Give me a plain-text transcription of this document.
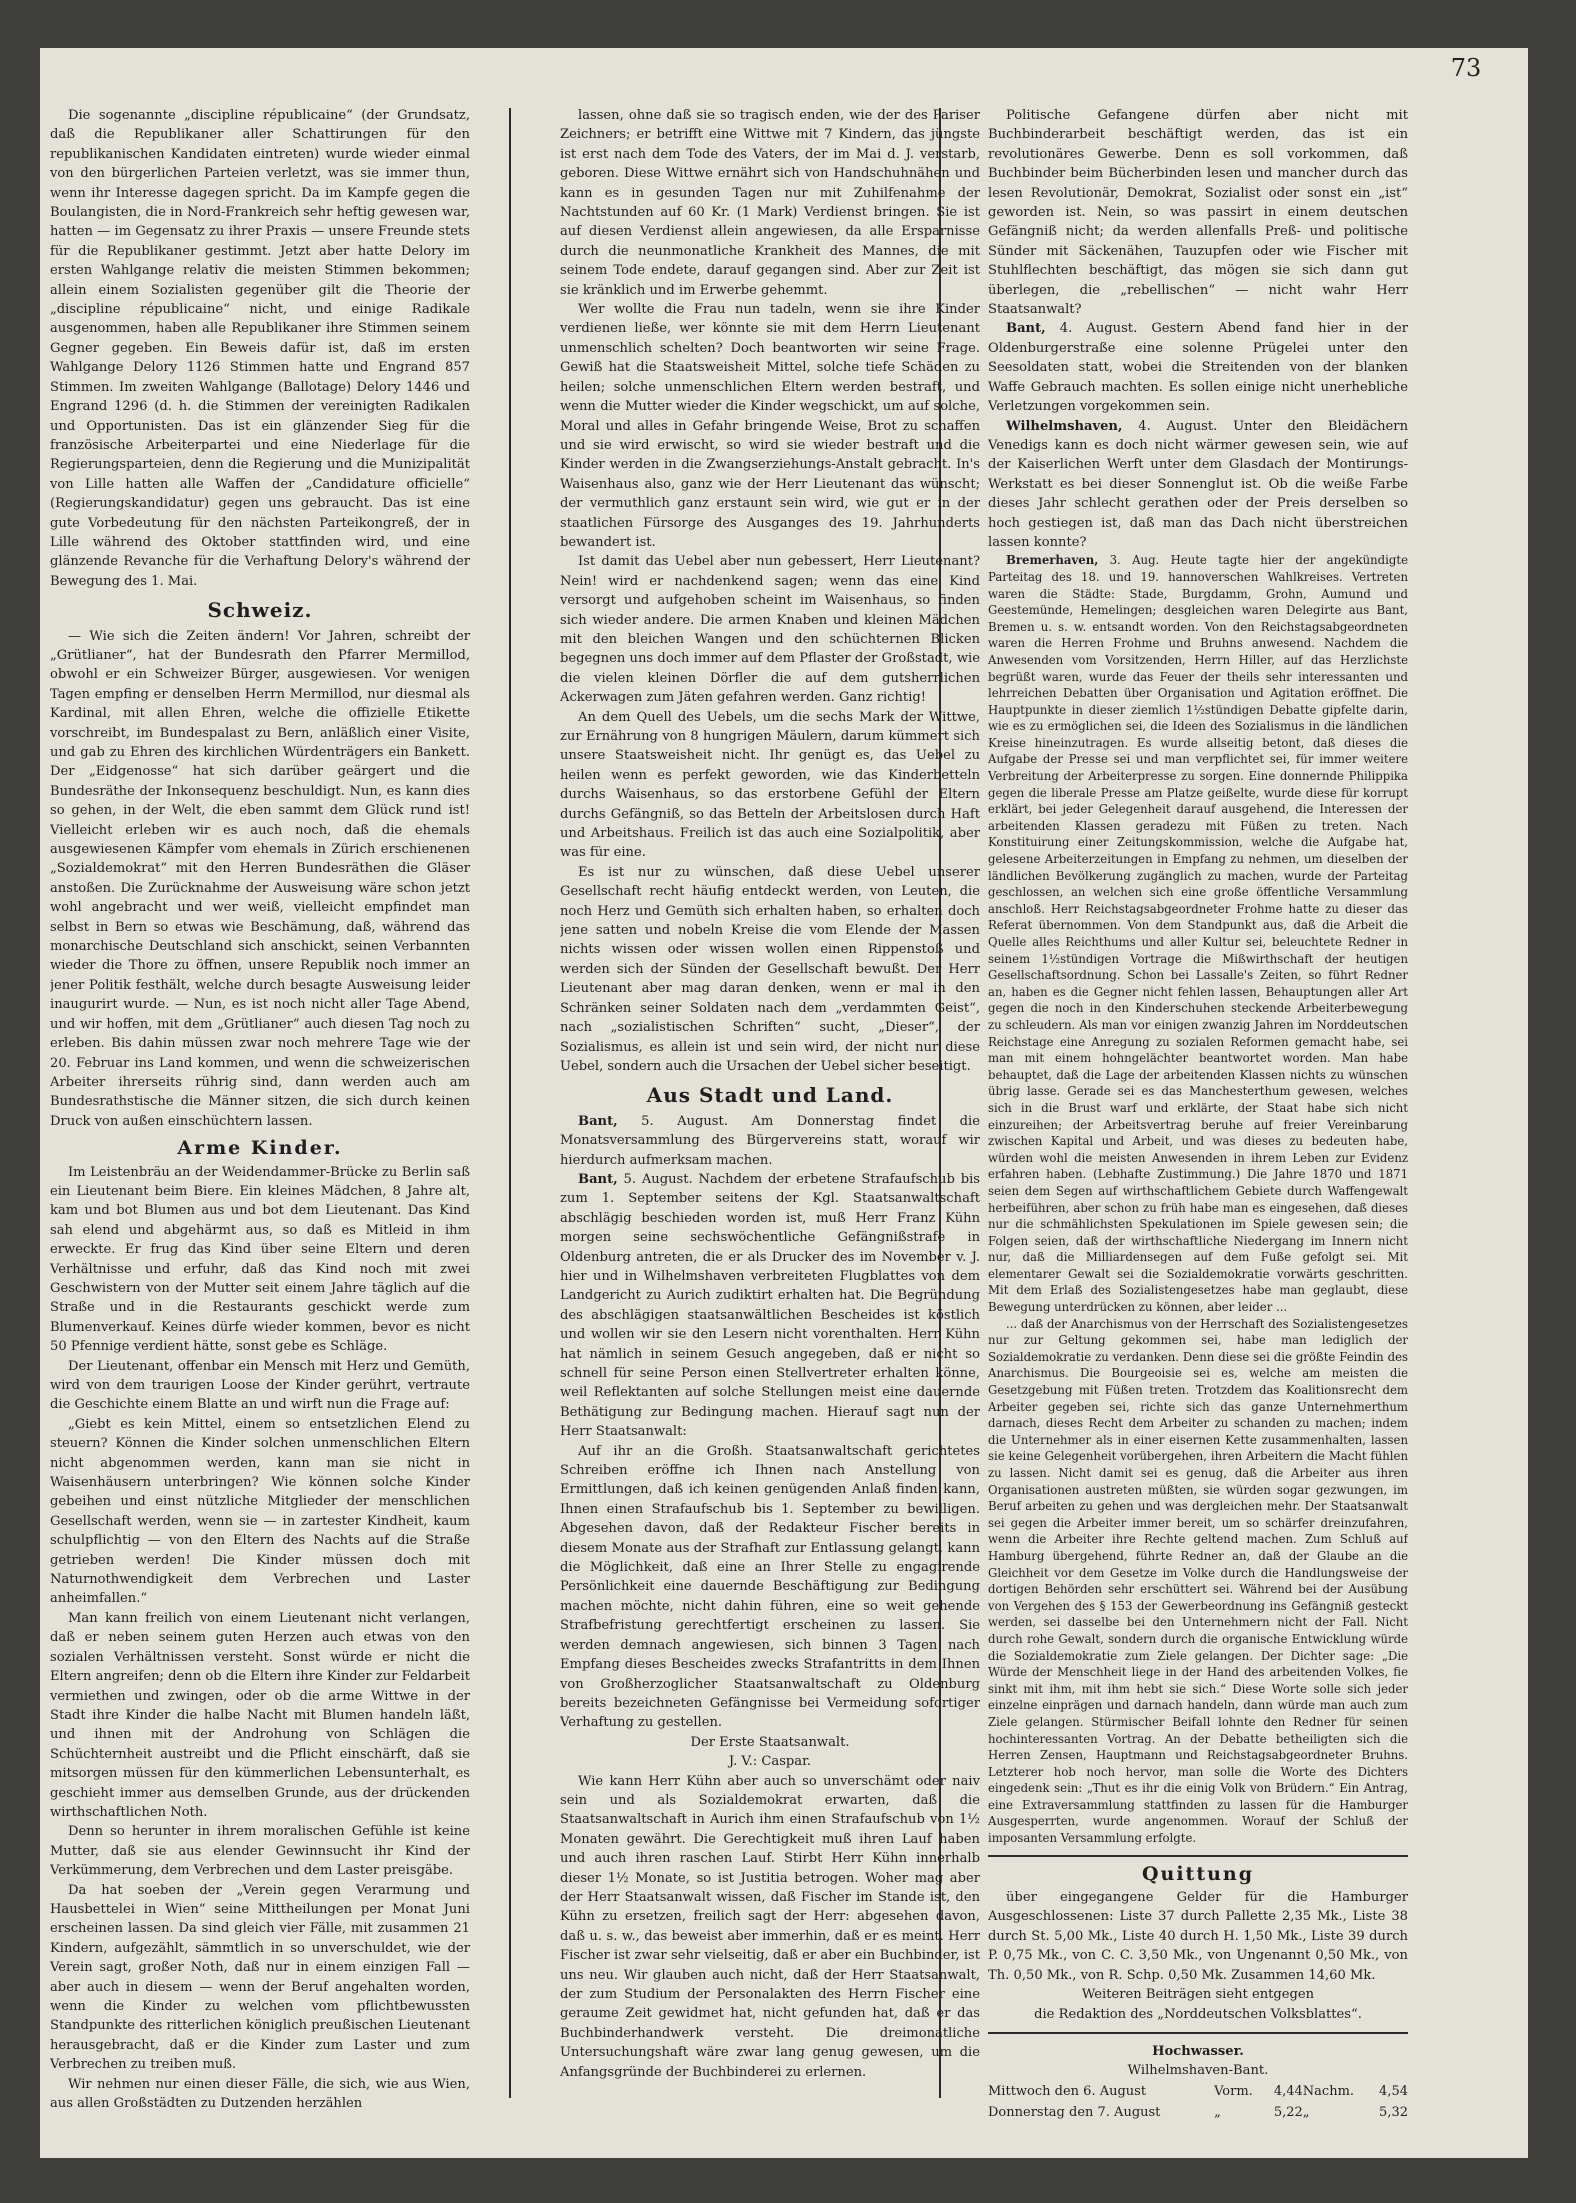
73

Die sogenannte „discipline républicaine“ (der Grundsatz, daß die Republikaner aller Schattirungen für den republikanischen Kandidaten eintreten) wurde wieder einmal von den bürgerlichen Parteien verletzt, was sie immer thun, wenn ihr Interesse dagegen spricht. Da im Kampfe gegen die Boulangisten, die in Nord-Frankreich sehr heftig gewesen war, hatten — im Gegensatz zu ihrer Praxis — unsere Freunde stets für die Republikaner gestimmt. Jetzt aber hatte Delory im ersten Wahlgange relativ die meisten Stimmen bekommen; allein einem Sozialisten gegenüber gilt die Theorie der „discipline républicaine“ nicht, und einige Radikale ausgenommen, haben alle Republikaner ihre Stimmen seinem Gegner gegeben. Ein Beweis dafür ist, daß im ersten Wahlgange Delory 1126 Stimmen hatte und Engrand 857 Stimmen. Im zweiten Wahlgange (Ballotage) Delory 1446 und Engrand 1296 (d. h. die Stimmen der vereinigten Radikalen und Opportunisten. Das ist ein glänzender Sieg für die französische Arbeiterpartei und eine Niederlage für die Regierungsparteien, denn die Regierung und die Munizipalität von Lille hatten alle Waffen der „Candidature officielle“ (Regierungskandidatur) gegen uns gebraucht. Das ist eine gute Vorbedeutung für den nächsten Parteikongreß, der in Lille während des Oktober stattfinden wird, und eine glänzende Revanche für die Verhaftung Delory's während der Bewegung des 1. Mai.

Schweiz.

— Wie sich die Zeiten ändern! Vor Jahren, schreibt der „Grütlianer“, hat der Bundesrath den Pfarrer Mermillod, obwohl er ein Schweizer Bürger, ausgewiesen. Vor wenigen Tagen empfing er denselben Herrn Mermillod, nur diesmal als Kardinal, mit allen Ehren, welche die offizielle Etikette vorschreibt, im Bundespalast zu Bern, anläßlich einer Visite, und gab zu Ehren des kirchlichen Würdenträgers ein Bankett. Der „Eidgenosse“ hat sich darüber geärgert und die Bundesräthe der Inkonsequenz beschuldigt. Nun, es kann dies so gehen, in der Welt, die eben sammt dem Glück rund ist! Vielleicht erleben wir es auch noch, daß die ehemals ausgewiesenen Kämpfer vom ehemals in Zürich erschienenen „Sozialdemokrat“ mit den Herren Bundesräthen die Gläser anstoßen. Die Zurücknahme der Ausweisung wäre schon jetzt wohl angebracht und wer weiß, vielleicht empfindet man selbst in Bern so etwas wie Beschämung, daß, während das monarchische Deutschland sich anschickt, seinen Verbannten wieder die Thore zu öffnen, unsere Republik noch immer an jener Politik festhält, welche durch besagte Ausweisung leider inaugurirt wurde. — Nun, es ist noch nicht aller Tage Abend, und wir hoffen, mit dem „Grütlianer“ auch diesen Tag noch zu erleben. Bis dahin müssen zwar noch mehrere Tage wie der 20. Februar ins Land kommen, und wenn die schweizerischen Arbeiter ihrerseits rührig sind, dann werden auch am Bundesrathstische die Männer sitzen, die sich durch keinen Druck von außen einschüchtern lassen.

Arme Kinder.

Im Leistenbräu an der Weidendammer-Brücke zu Berlin saß ein Lieutenant beim Biere. Ein kleines Mädchen, 8 Jahre alt, kam und bot Blumen aus und bot dem Lieutenant. Das Kind sah elend und abgehärmt aus, so daß es Mitleid in ihm erweckte. Er frug das Kind über seine Eltern und deren Verhältnisse und erfuhr, daß das Kind noch mit zwei Geschwistern von der Mutter seit einem Jahre täglich auf die Straße und in die Restaurants geschickt werde zum Blumenverkauf. Keines dürfe wieder kommen, bevor es nicht 50 Pfennige verdient hätte, sonst gebe es Schläge.

Der Lieutenant, offenbar ein Mensch mit Herz und Gemüth, wird von dem traurigen Loose der Kinder gerührt, vertraute die Geschichte einem Blatte an und wirft nun die Frage auf:

„Giebt es kein Mittel, einem so entsetzlichen Elend zu steuern? Können die Kinder solchen unmenschlichen Eltern nicht abgenommen werden, kann man sie nicht in Waisenhäusern unterbringen? Wie können solche Kinder gebeihen und einst nützliche Mitglieder der menschlichen Gesellschaft werden, wenn sie — in zartester Kindheit, kaum schulpflichtig — von den Eltern des Nachts auf die Straße getrieben werden! Die Kinder müssen doch mit Naturnothwendigkeit dem Verbrechen und Laster anheimfallen.“

Man kann freilich von einem Lieutenant nicht verlangen, daß er neben seinem guten Herzen auch etwas von den sozialen Verhältnissen versteht. Sonst würde er nicht die Eltern angreifen; denn ob die Eltern ihre Kinder zur Feldarbeit vermiethen und zwingen, oder ob die arme Wittwe in der Stadt ihre Kinder die halbe Nacht mit Blumen handeln läßt, und ihnen mit der Androhung von Schlägen die Schüchternheit austreibt und die Pflicht einschärft, daß sie mitsorgen müssen für den kümmerlichen Lebensunterhalt, es geschieht immer aus demselben Grunde, aus der drückenden wirthschaftlichen Noth.

Denn so herunter in ihrem moralischen Gefühle ist keine Mutter, daß sie aus elender Gewinnsucht ihr Kind der Verkümmerung, dem Verbrechen und dem Laster preisgäbe.

Da hat soeben der „Verein gegen Verarmung und Hausbettelei in Wien“ seine Mittheilungen per Monat Juni erscheinen lassen. Da sind gleich vier Fälle, mit zusammen 21 Kindern, aufgezählt, sämmtlich in so unverschuldet, wie der Verein sagt, großer Noth, daß nur in einem einzigen Fall — aber auch in diesem — wenn der Beruf angehalten worden, wenn die Kinder zu welchen vom pflichtbewussten Standpunkte des ritterlichen königlich preußischen Lieutenant herausgebracht, daß er die Kinder zum Laster und zum Verbrechen zu treiben muß.

Wir nehmen nur einen dieser Fälle, die sich, wie aus Wien, aus allen Großstädten zu Dutzenden herzählen

lassen, ohne daß sie so tragisch enden, wie der des Pariser Zeichners; er betrifft eine Wittwe mit 7 Kindern, das jüngste ist erst nach dem Tode des Vaters, der im Mai d. J. verstarb, geboren. Diese Wittwe ernährt sich von Handschuhnähen und kann es in gesunden Tagen nur mit Zuhilfenahme der Nachtstunden auf 60 Kr. (1 Mark) Verdienst bringen. Sie ist auf diesen Verdienst allein angewiesen, da alle Ersparnisse durch die neunmonatliche Krankheit des Mannes, die mit seinem Tode endete, darauf gegangen sind. Aber zur Zeit ist sie kränklich und im Erwerbe gehemmt.

Wer wollte die Frau nun tadeln, wenn sie ihre Kinder verdienen ließe, wer könnte sie mit dem Herrn Lieutenant unmenschlich schelten? Doch beantworten wir seine Frage. Gewiß hat die Staatsweisheit Mittel, solche tiefe Schäden zu heilen; solche unmenschlichen Eltern werden bestraft, und wenn die Mutter wieder die Kinder wegschickt, um auf solche, Moral und alles in Gefahr bringende Weise, Brot zu schaffen und sie wird erwischt, so wird sie wieder bestraft und die Kinder werden in die Zwangserziehungs-Anstalt gebracht. In's Waisenhaus also, ganz wie der Herr Lieutenant das wünscht; der vermuthlich ganz erstaunt sein wird, wie gut er in der staatlichen Fürsorge des Ausganges des 19. Jahrhunderts bewandert ist.

Ist damit das Uebel aber nun gebessert, Herr Lieutenant? Nein! wird er nachdenkend sagen; wenn das eine Kind versorgt und aufgehoben scheint im Waisenhaus, so finden sich wieder andere. Die armen Knaben und kleinen Mädchen mit den bleichen Wangen und den schüchternen Blicken begegnen uns doch immer auf dem Pflaster der Großstadt, wie die vielen kleinen Dörfler die auf dem gutsherrlichen Ackerwagen zum Jäten gefahren werden. Ganz richtig!

An dem Quell des Uebels, um die sechs Mark der Wittwe, zur Ernährung von 8 hungrigen Mäulern, darum kümmert sich unsere Staatsweisheit nicht. Ihr genügt es, das Uebel zu heilen wenn es perfekt geworden, wie das Kinderbetteln durchs Waisenhaus, so das erstorbene Gefühl der Eltern durchs Gefängniß, so das Betteln der Arbeitslosen durch Haft und Arbeitshaus. Freilich ist das auch eine Sozialpolitik, aber was für eine.

Es ist nur zu wünschen, daß diese Uebel unserer Gesellschaft recht häufig entdeckt werden, von Leuten, die noch Herz und Gemüth sich erhalten haben, so erhalten doch jene satten und nobeln Kreise die vom Elende der Massen nichts wissen oder wissen wollen einen Rippenstoß und werden sich der Sünden der Gesellschaft bewußt. Der Herr Lieutenant aber mag daran denken, wenn er mal in den Schränken seiner Soldaten nach dem „verdammten Geist“, nach „sozialistischen Schriften“ sucht, „Dieser“, der Sozialismus, es allein ist und sein wird, der nicht nur diese Uebel, sondern auch die Ursachen der Uebel sicher beseitigt.

Aus Stadt und Land.

Bant, 5. August. Am Donnerstag findet die Monatsversammlung des Bürgervereins statt, worauf wir hierdurch aufmerksam machen.

Bant, 5. August. Nachdem der erbetene Strafaufschub bis zum 1. September seitens der Kgl. Staatsanwaltschaft abschlägig beschieden worden ist, muß Herr Franz Kühn morgen seine sechswöchentliche Gefängnißstrafe in Oldenburg antreten, die er als Drucker des im November v. J. hier und in Wilhelmshaven verbreiteten Flugblattes von dem Landgericht zu Aurich zudiktirt erhalten hat. Die Begründung des abschlägigen staatsanwältlichen Bescheides ist köstlich und wollen wir sie den Lesern nicht vorenthalten. Herr Kühn hat nämlich in seinem Gesuch angegeben, daß er nicht so schnell für seine Person einen Stellvertreter erhalten könne, weil Reflektanten auf solche Stellungen meist eine dauernde Bethätigung zur Bedingung machen. Hierauf sagt nun der Herr Staatsanwalt:

Auf ihr an die Großh. Staatsanwaltschaft gerichtetes Schreiben eröffne ich Ihnen nach Anstellung von Ermittlungen, daß ich keinen genügenden Anlaß finden kann, Ihnen einen Strafaufschub bis 1. September zu bewilligen. Abgesehen davon, daß der Redakteur Fischer bereits in diesem Monate aus der Strafhaft zur Entlassung gelangt, kann die Möglichkeit, daß eine an Ihrer Stelle zu engagirende Persönlichkeit eine dauernde Beschäftigung zur Bedingung machen möchte, nicht dahin führen, eine so weit gehende Strafbefristung gerechtfertigt erscheinen zu lassen. Sie werden demnach angewiesen, sich binnen 3 Tagen nach Empfang dieses Bescheides zwecks Strafantritts in dem Ihnen von Großherzoglicher Staatsanwaltschaft zu Oldenburg bereits bezeichneten Gefängnisse bei Vermeidung sofortiger Verhaftung zu gestellen.

Der Erste Staatsanwalt.

J. V.: Caspar.

Wie kann Herr Kühn aber auch so unverschämt oder naiv sein und als Sozialdemokrat erwarten, daß die Staatsanwaltschaft in Aurich ihm einen Strafaufschub von 1½ Monaten gewährt. Die Gerechtigkeit muß ihren Lauf haben und auch ihren raschen Lauf. Stirbt Herr Kühn innerhalb dieser 1½ Monate, so ist Justitia betrogen. Woher mag aber der Herr Staatsanwalt wissen, daß Fischer im Stande ist, den Kühn zu ersetzen, freilich sagt der Herr: abgesehen davon, daß u. s. w., das beweist aber immerhin, daß er es meint. Herr Fischer ist zwar sehr vielseitig, daß er aber ein Buchbinder, ist uns neu. Wir glauben auch nicht, daß der Herr Staatsanwalt, der zum Studium der Personalakten des Herrn Fischer eine geraume Zeit gewidmet hat, nicht gefunden hat, daß er das Buchbinderhandwerk versteht. Die dreimonatliche Untersuchungshaft wäre zwar lang genug gewesen, um die Anfangsgründe der Buchbinderei zu erlernen.

Politische Gefangene dürfen aber nicht mit Buchbinderarbeit beschäftigt werden, das ist ein revolutionäres Gewerbe. Denn es soll vorkommen, daß Buchbinder beim Bücherbinden lesen und mancher durch das lesen Revolutionär, Demokrat, Sozialist oder sonst ein „ist“ geworden ist. Nein, so was passirt in einem deutschen Gefängniß nicht; da werden allenfalls Preß- und politische Sünder mit Säckenähen, Tauzupfen oder wie Fischer mit Stuhlflechten beschäftigt, das mögen sie sich dann gut überlegen, die „rebellischen“ — nicht wahr Herr Staatsanwalt?

Bant, 4. August. Gestern Abend fand hier in der Oldenburgerstraße eine solenne Prügelei unter den Seesoldaten statt, wobei die Streitenden von der blanken Waffe Gebrauch machten. Es sollen einige nicht unerhebliche Verletzungen vorgekommen sein.

Wilhelmshaven, 4. August. Unter den Bleidächern Venedigs kann es doch nicht wärmer gewesen sein, wie auf der Kaiserlichen Werft unter dem Glasdach der Montirungs-Werkstatt es bei dieser Sonnenglut ist. Ob die weiße Farbe dieses Jahr schlecht gerathen oder der Preis derselben so hoch gestiegen ist, daß man das Dach nicht überstreichen lassen konnte?

Bremerhaven, 3. Aug. Heute tagte hier der angekündigte Parteitag des 18. und 19. hannoverschen Wahlkreises. Vertreten waren die Städte: Stade, Burgdamm, Grohn, Aumund und Geestemünde, Hemelingen; desgleichen waren Delegirte aus Bant, Bremen u. s. w. entsandt worden. Von den Reichstagsabgeordneten waren die Herren Frohme und Bruhns anwesend. Nachdem die Anwesenden vom Vorsitzenden, Herrn Hiller, auf das Herzlichste begrüßt waren, wurde das Feuer der theils sehr interessanten und lehrreichen Debatten über Organisation und Agitation eröffnet. Die Hauptpunkte in dieser ziemlich 1½stündigen Debatte gipfelte darin, wie es zu ermöglichen sei, die Ideen des Sozialismus in die ländlichen Kreise hineinzutragen. Es wurde allseitig betont, daß dieses die Aufgabe der Presse sei und man verpflichtet sei, für immer weitere Verbreitung der Arbeiterpresse zu sorgen. Eine donnernde Philippika gegen die liberale Presse am Platze geißelte, wurde diese für korrupt erklärt, bei jeder Gelegenheit darauf ausgehend, die Interessen der arbeitenden Klassen geradezu mit Füßen zu treten. Nach Konstituirung einer Zeitungskommission, welche die Aufgabe hat, gelesene Arbeiterzeitungen in Empfang zu nehmen, um dieselben der ländlichen Bevölkerung zugänglich zu machen, wurde der Parteitag geschlossen, an welchen sich eine große öffentliche Versammlung anschloß. Herr Reichstagsabgeordneter Frohme hatte zu dieser das Referat übernommen. Von dem Standpunkt aus, daß die Arbeit die Quelle alles Reichthums und aller Kultur sei, beleuchtete Redner in seinem 1½stündigen Vortrage die Mißwirthschaft der heutigen Gesellschaftsordnung. Schon bei Lassalle's Zeiten, so führt Redner an, haben es die Gegner nicht fehlen lassen, Behauptungen aller Art gegen die noch in den Kinderschuhen steckende Arbeiterbewegung zu schleudern. Als man vor einigen zwanzig Jahren im Norddeutschen Reichstage eine Anregung zu sozialen Reformen gemacht habe, sei man mit einem hohngelächter beantwortet worden. Man habe behauptet, daß die Lage der arbeitenden Klassen nichts zu wünschen übrig lasse. Gerade sei es das Manchesterthum gewesen, welches sich in die Brust warf und erklärte, der Staat habe sich nicht einzureihen; der Arbeitsvertrag beruhe auf freier Vereinbarung zwischen Kapital und Arbeit, und was dieses zu bedeuten habe, würden wohl die meisten Anwesenden in ihrem Leben zur Evidenz erfahren haben. (Lebhafte Zustimmung.) Die Jahre 1870 und 1871 seien dem Segen auf wirthschaftlichem Gebiete durch Waffengewalt herbeiführen, aber schon zu früh habe man es eingesehen, daß dieses nur die schmählichsten Spekulationen im Spiele gewesen sein; die Folgen seien, daß der wirthschaftliche Niedergang im Innern nicht nur, daß die Milliardensegen auf dem Fuße gefolgt sei. Mit elementarer Gewalt sei die Sozialdemokratie vorwärts geschritten. Mit dem Erlaß des Sozialistengesetzes habe man geglaubt, diese Bewegung unterdrücken zu können, aber leider ...

... daß der Anarchismus von der Herrschaft des Sozialistengesetzes nur zur Geltung gekommen sei, habe man lediglich der Sozialdemokratie zu verdanken. Denn diese sei die größte Feindin des Anarchismus. Die Bourgeoisie sei es, welche am meisten die Gesetzgebung mit Füßen treten. Trotzdem das Koalitionsrecht dem Arbeiter gegeben sei, richte sich das ganze Unternehmerthum darnach, dieses Recht dem Arbeiter zu schanden zu machen; indem die Unternehmer als in einer eisernen Kette zusammenhalten, lassen sie keine Gelegenheit vorübergehen, ihren Arbeitern die Macht fühlen zu lassen. Nicht damit sei es genug, daß die Arbeiter aus ihren Organisationen austreten müßten, sie würden sogar gezwungen, im Beruf arbeiten zu gehen und was dergleichen mehr. Der Staatsanwalt sei gegen die Arbeiter immer bereit, um so schärfer dreinzufahren, wenn die Arbeiter ihre Rechte geltend machen. Zum Schluß auf Hamburg übergehend, führte Redner an, daß der Glaube an die Gleichheit vor dem Gesetze im Volke durch die Handlungsweise der dortigen Behörden sehr erschüttert sei. Während bei der Ausübung von Vergehen des § 153 der Gewerbeordnung ins Gefängniß gesteckt werden, sei dasselbe bei den Unternehmern nicht der Fall. Nicht durch rohe Gewalt, sondern durch die organische Entwicklung würde die Sozialdemokratie zum Ziele gelangen. Der Dichter sage: „Die Würde der Menschheit liege in der Hand des arbeitenden Volkes, fie sinkt mit ihm, mit ihm hebt sie sich.“ Diese Worte solle sich jeder einzelne einprägen und darnach handeln, dann würde man auch zum Ziele gelangen. Stürmischer Beifall lohnte den Redner für seinen hochinteressanten Vortrag. An der Debatte betheiligten sich die Herren Zensen, Hauptmann und Reichstagsabgeordneter Bruhns. Letzterer hob noch hervor, man solle die Worte des Dichters eingedenk sein: „Thut es ihr die einig Volk von Brüdern.“ Ein Antrag, eine Extraversammlung stattfinden zu lassen für die Hamburger Ausgesperrten, wurde angenommen. Worauf der Schluß der imposanten Versammlung erfolgte.

Quittung

über eingegangene Gelder für die Hamburger Ausgeschlossenen: Liste 37 durch Pallette 2,35 Mk., Liste 38 durch St. 5,00 Mk., Liste 40 durch H. 1,50 Mk., Liste 39 durch P. 0,75 Mk., von C. C. 3,50 Mk., von Ungenannt 0,50 Mk., von Th. 0,50 Mk., von R. Schp. 0,50 Mk. Zusammen 14,60 Mk.

Weiteren Beiträgen sieht entgegen

die Redaktion des „Norddeutschen Volksblattes“.

Hochwasser.

Wilhelmshaven-Bant.

Mittwoch den 6. August	Vorm.	4,44	Nachm.	4,54
Donnerstag den 7. August	„	5,22	„	5,32
